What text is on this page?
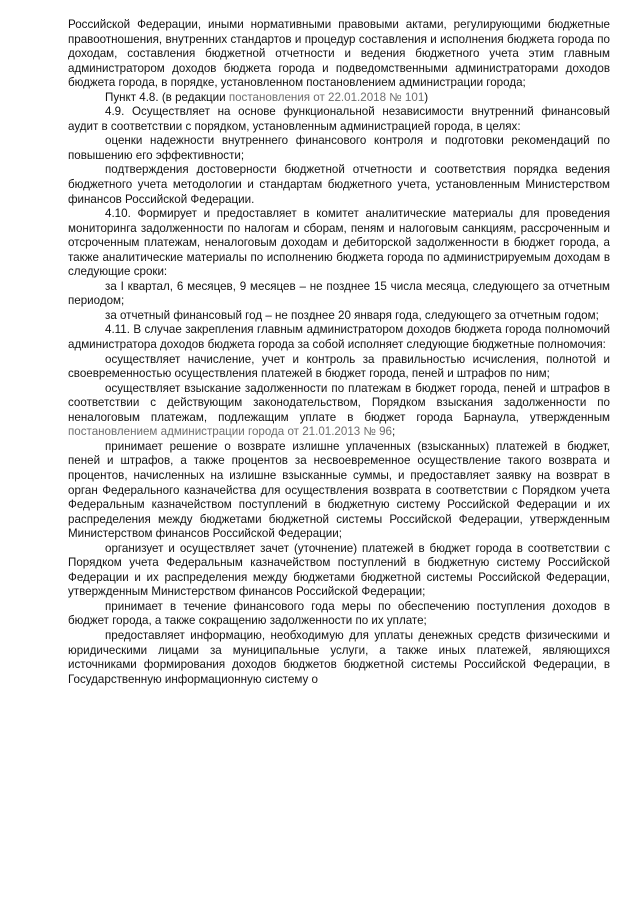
Российской Федерации, иными нормативными правовыми актами, регулирующими бюджетные правоотношения, внутренних стандартов и процедур составления и исполнения бюджета города по доходам, составления бюджетной отчетности и ведения бюджетного учета этим главным администратором доходов бюджета города и подведомственными администраторами доходов бюджета города, в порядке, установленном постановлением администрации города;

Пункт 4.8. (в редакции постановления от 22.01.2018 № 101)

4.9. Осуществляет на основе функциональной независимости внутренний финансовый аудит в соответствии с порядком, установленным администрацией города, в целях:

оценки надежности внутреннего финансового контроля и подготовки рекомендаций по повышению его эффективности;

подтверждения достоверности бюджетной отчетности и соответствия порядка ведения бюджетного учета методологии и стандартам бюджетного учета, установленным Министерством финансов Российской Федерации.

4.10. Формирует и предоставляет в комитет аналитические материалы для проведения мониторинга задолженности по налогам и сборам, пеням и налоговым санкциям, рассроченным и отсроченным платежам, неналоговым доходам и дебиторской задолженности в бюджет города, а также аналитические материалы по исполнению бюджета города по администрируемым доходам в следующие сроки:

за I квартал, 6 месяцев, 9 месяцев – не позднее 15 числа месяца, следующего за отчетным периодом;

за отчетный финансовый год – не позднее 20 января года, следующего за отчетным годом;

4.11. В случае закрепления главным администратором доходов бюджета города полномочий администратора доходов бюджета города за собой исполняет следующие бюджетные полномочия:

осуществляет начисление, учет и контроль за правильностью исчисления, полнотой и своевременностью осуществления платежей в бюджет города, пеней и штрафов по ним;

осуществляет взыскание задолженности по платежам в бюджет города, пеней и штрафов в соответствии с действующим законодательством, Порядком взыскания задолженности по неналоговым платежам, подлежащим уплате в бюджет города Барнаула, утвержденным постановлением администрации города от 21.01.2013 № 96;

принимает решение о возврате излишне уплаченных (взысканных) платежей в бюджет, пеней и штрафов, а также процентов за несвоевременное осуществление такого возврата и процентов, начисленных на излишне взысканные суммы, и предоставляет заявку на возврат в орган Федерального казначейства для осуществления возврата в соответствии с Порядком учета Федеральным казначейством поступлений в бюджетную систему Российской Федерации и их распределения между бюджетами бюджетной системы Российской Федерации, утвержденным Министерством финансов Российской Федерации;

организует и осуществляет зачет (уточнение) платежей в бюджет города в соответствии с Порядком учета Федеральным казначейством поступлений в бюджетную систему Российской Федерации и их распределения между бюджетами бюджетной системы Российской Федерации, утвержденным Министерством финансов Российской Федерации;

принимает в течение финансового года меры по обеспечению поступления доходов в бюджет города, а также сокращению задолженности по их уплате;

предоставляет информацию, необходимую для уплаты денежных средств физическими и юридическими лицами за муниципальные услуги, а также иных платежей, являющихся источниками формирования доходов бюджетов бюджетной системы Российской Федерации, в Государственную информационную систему о
